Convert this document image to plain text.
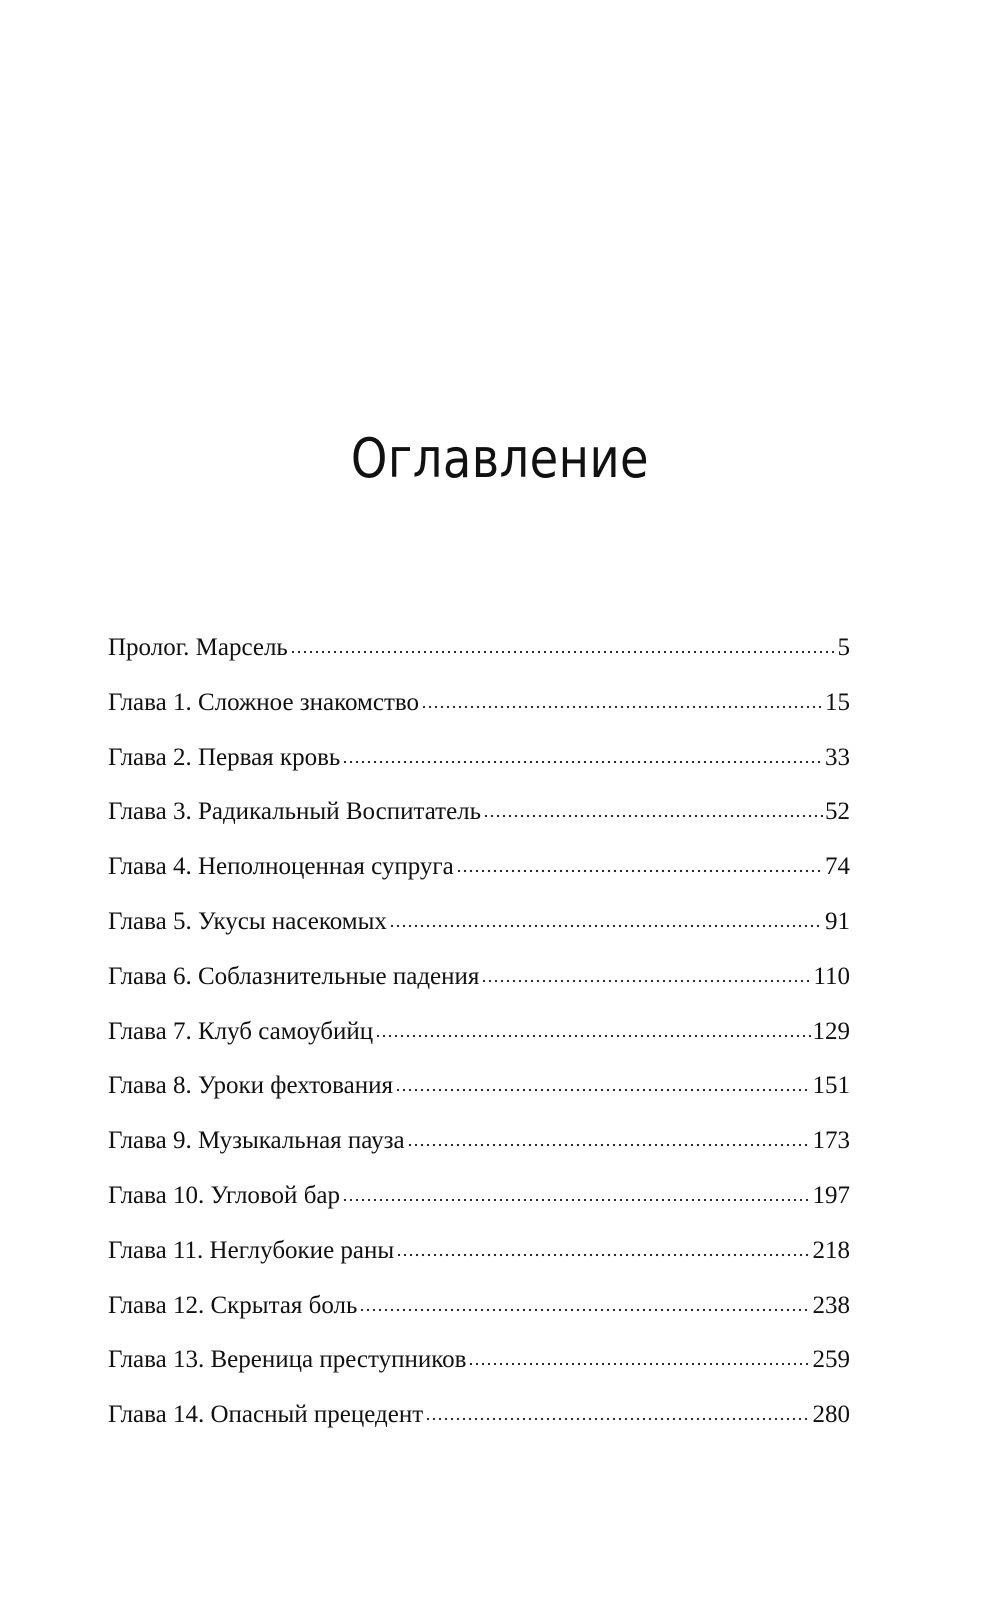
Оглавление
Пролог. Марсель	5
Глава 1. Сложное знакомство	15
Глава 2. Первая кровь	33
Глава 3. Радикальный Воспитатель	52
Глава 4. Неполноценная супруга	74
Глава 5. Укусы насекомых	91
Глава 6. Соблазнительные падения	110
Глава 7. Клуб самоубийц	129
Глава 8. Уроки фехтования	151
Глава 9. Музыкальная пауза	173
Глава 10. Угловой бар	197
Глава 11. Неглубокие раны	218
Глава 12. Скрытая боль	238
Глава 13. Вереница преступников	259
Глава 14. Опасный прецедент	280
